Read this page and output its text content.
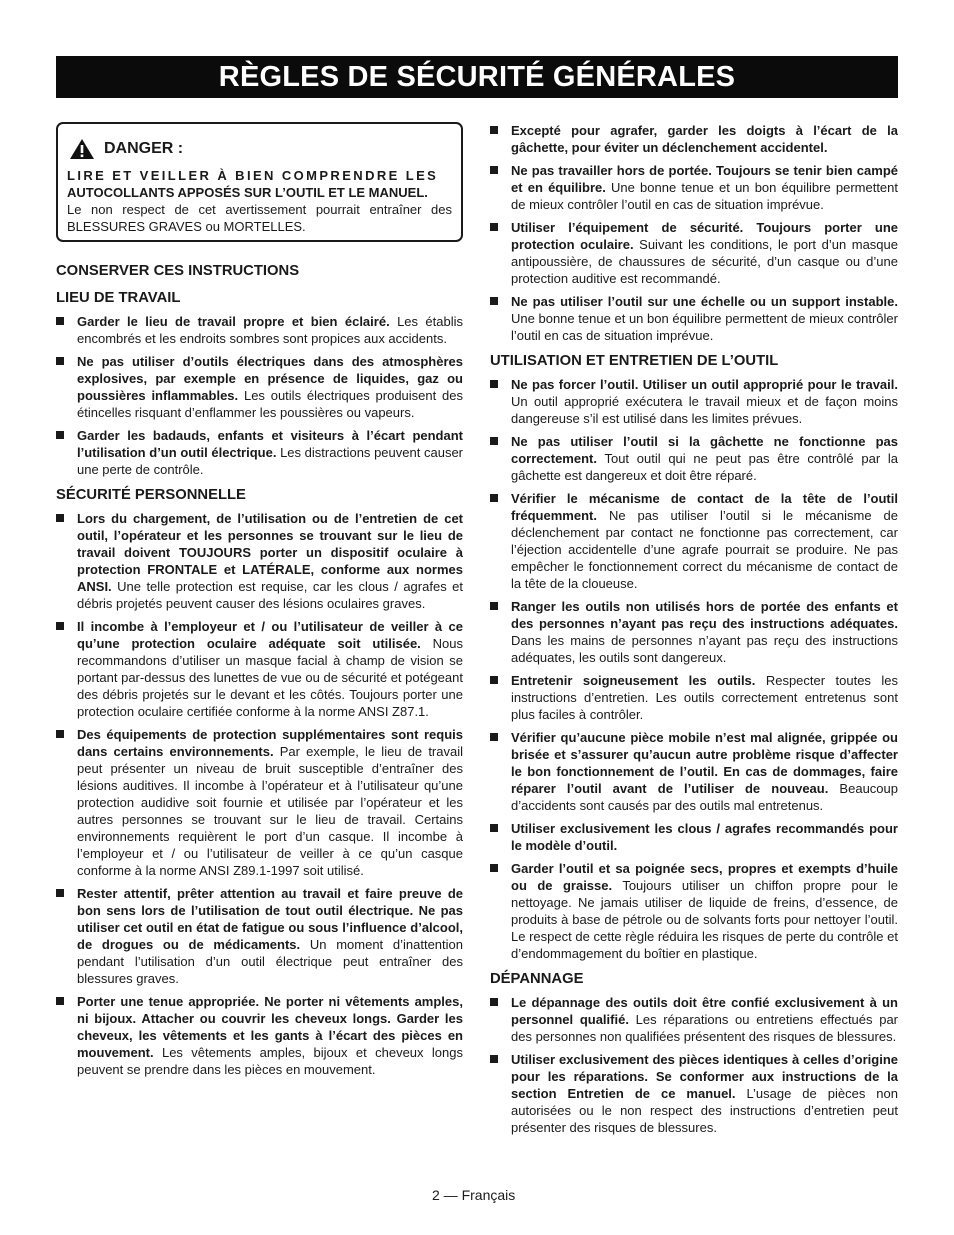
RÈGLES DE SÉCURITÉ GÉNÉRALES
DANGER :
LIRE ET VEILLER À BIEN COMPRENDRE LES
AUTOCOLLANTS APPOSÉS SUR L’OUTIL ET LE MANUEL.
Le non respect de cet avertissement pourrait entraîner des BLESSURES GRAVES ou MORTELLES.
CONSERVER CES INSTRUCTIONS
LIEU DE TRAVAIL
Garder le lieu de travail propre et bien éclairé. Les établis encombrés et les endroits sombres sont propices aux accidents.
Ne pas utiliser d’outils électriques dans des atmosphères explosives, par exemple en présence de liquides, gaz ou poussières inflammables. Les outils électriques produisent des étincelles risquant d’enflammer les poussières ou vapeurs.
Garder les badauds, enfants et visiteurs à l’écart pendant l’utilisation d’un outil électrique. Les distractions peuvent causer une perte de contrôle.
SÉCURITÉ PERSONNELLE
Lors du chargement, de l’utilisation ou de l’entretien de cet outil, l’opérateur et les personnes se trouvant sur le lieu de travail doivent TOUJOURS porter un dispositif oculaire à protection FRONTALE et LATÉRALE, conforme aux normes ANSI. Une telle protection est requise, car les clous / agrafes et débris projetés peuvent causer des lésions oculaires graves.
Il incombe à l’employeur et / ou l’utilisateur de veiller à ce qu’une protection oculaire adéquate soit utilisée. Nous recommandons d’utiliser un masque facial à champ de vision se portant par-dessus des lunettes de vue ou de sécurité et potégeant des débris projetés sur le devant et les côtés. Toujours porter une protection oculaire certifiée conforme à la norme ANSI Z87.1.
Des équipements de protection supplémentaires sont requis dans certains environnements. Par exemple, le lieu de travail peut présenter un niveau de bruit susceptible d’entraîner des lésions auditives. Il incombe à l’opérateur et à l’utilisateur qu’une protection audidive soit fournie et utilisée par l’opérateur et les autres personnes se trouvant sur le lieu de travail. Certains environnements requièrent le port d’un casque. Il incombe à l’employeur et / ou l’utilisateur de veiller à ce qu’un casque conforme à la norme ANSI Z89.1-1997 soit utilisé.
Rester attentif, prêter attention au travail et faire preuve de bon sens lors de l’utilisation de tout outil électrique. Ne pas utiliser cet outil en état de fatigue ou sous l’influence d’alcool, de drogues ou de médicaments. Un moment d’inattention pendant l’utilisation d’un outil électrique peut entraîner des blessures graves.
Porter une tenue appropriée. Ne porter ni vêtements amples, ni bijoux. Attacher ou couvrir les cheveux longs. Garder les cheveux, les vêtements et les gants à l’écart des pièces en mouvement. Les vêtements amples, bijoux et cheveux longs peuvent se prendre dans les pièces en mouvement.
Excepté pour agrafer, garder les doigts à l’écart de la gâchette, pour éviter un déclenchement accidentel.
Ne pas travailler hors de portée. Toujours se tenir bien campé et en équilibre. Une bonne tenue et un bon équilibre permettent de mieux contrôler l’outil en cas de situation imprévue.
Utiliser l’équipement de sécurité. Toujours porter une protection oculaire. Suivant les conditions, le port d’un masque antipoussière, de chaussures de sécurité, d’un casque ou d’une protection auditive est recommandé.
Ne pas utiliser l’outil sur une échelle ou un support instable. Une bonne tenue et un bon équilibre permettent de mieux contrôler l’outil en cas de situation imprévue.
UTILISATION ET ENTRETIEN DE L’OUTIL
Ne pas forcer l’outil. Utiliser un outil approprié pour le travail. Un outil approprié exécutera le travail mieux et de façon moins dangereuse s’il est utilisé dans les limites prévues.
Ne pas utiliser l’outil si la gâchette ne fonctionne pas correctement. Tout outil qui ne peut pas être contrôlé par la gâchette est dangereux et doit être réparé.
Vérifier le mécanisme de contact de la tête de l’outil fréquemment. Ne pas utiliser l’outil si le mécanisme de déclenchement par contact ne fonctionne pas correctement, car l’éjection accidentelle d’une agrafe pourrait se produire. Ne pas empêcher le fonctionnement correct du mécanisme de contact de la tête de la cloueuse.
Ranger les outils non utilisés hors de portée des enfants et des personnes n’ayant pas reçu des instructions adéquates. Dans les mains de personnes n’ayant pas reçu des instructions adéquates, les outils sont dangereux.
Entretenir soigneusement les outils. Respecter toutes les instructions d’entretien. Les outils correctement entretenus sont plus faciles à contrôler.
Vérifier qu’aucune pièce mobile n’est mal alignée, grippée ou brisée et s’assurer qu’aucun autre problème risque d’affecter le bon fonctionnement de l’outil. En cas de dommages, faire réparer l’outil avant de l’utiliser de nouveau. Beaucoup d’accidents sont causés par des outils mal entretenus.
Utiliser exclusivement les clous / agrafes recommandés pour le modèle d’outil.
Garder l’outil et sa poignée secs, propres et exempts d’huile ou de graisse. Toujours utiliser un chiffon propre pour le nettoyage. Ne jamais utiliser de liquide de freins, d’essence, de produits à base de pétrole ou de solvants forts pour nettoyer l’outil. Le respect de cette règle réduira les risques de perte du contrôle et d’endommagement du boîtier en plastique.
DÉPANNAGE
Le dépannage des outils doit être confié exclusivement à un personnel qualifié. Les réparations ou entretiens effectués par des personnes non qualifiées présentent des risques de blessures.
Utiliser exclusivement des pièces identiques à celles d’origine pour les réparations. Se conformer aux instructions de la section Entretien de ce manuel. L’usage de pièces non autorisées ou le non respect des instructions d’entretien peut présenter des risques de blessures.
2 — Français
